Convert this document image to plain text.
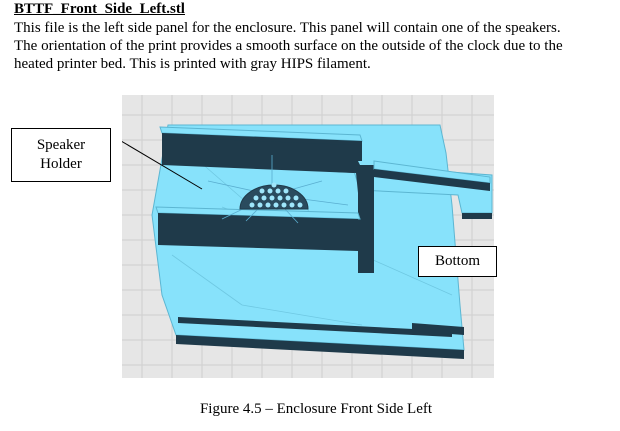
BTTF_Front_Side_Left.stl
This file is the left side panel for the enclosure. This panel will contain one of the speakers.
The orientation of the print provides a smooth surface on the outside of the clock due to the
heated printer bed. This is printed with gray HIPS filament.
Speaker
Holder
Bottom
Figure 4.5 – Enclosure Front Side Left
